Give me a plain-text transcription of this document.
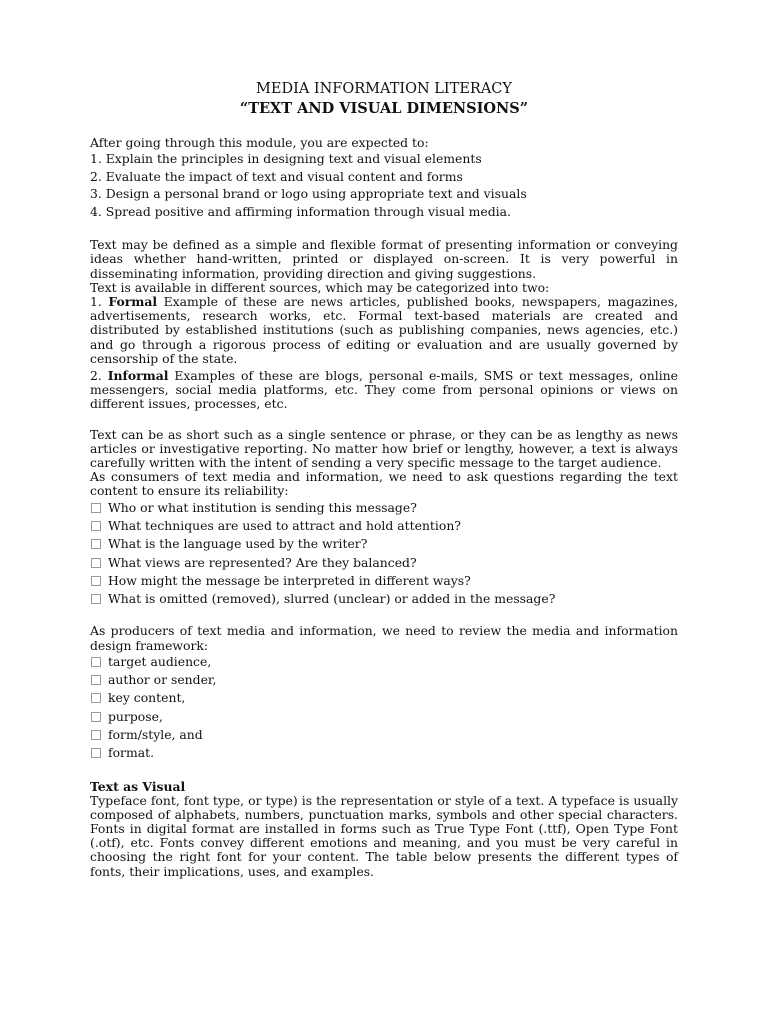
MEDIA INFORMATION LITERACY
“TEXT AND VISUAL DIMENSIONS”
After going through this module, you are expected to:
1. Explain the principles in designing text and visual elements
2. Evaluate the impact of text and visual content and forms
3. Design a personal brand or logo using appropriate text and visuals
4. Spread positive and affirming information through visual media.

Text may be defined as a simple and flexible format of presenting information or conveying ideas whether hand-written, printed or displayed on-screen. It is very powerful in disseminating information, providing direction and giving suggestions.

Text is available in different sources, which may be categorized into two:

1. Formal Example of these are news articles, published books, newspapers, magazines, advertisements, research works, etc. Formal text-based materials are created and distributed by established institutions (such as publishing companies, news agencies, etc.) and go through a rigorous process of editing or evaluation and are usually governed by censorship of the state.

2. Informal Examples of these are blogs, personal e-mails, SMS or text messages, online messengers, social media platforms, etc. They come from personal opinions or views on different issues, processes, etc.

Text can be as short such as a single sentence or phrase, or they can be as lengthy as news articles or investigative reporting. No matter how brief or lengthy, however, a text is always carefully written with the intent of sending a very specific message to the target audience.

As consumers of text media and information, we need to ask questions regarding the text content to ensure its reliability:

Who or what institution is sending this message?
What techniques are used to attract and hold attention?
What is the language used by the writer?
What views are represented? Are they balanced?
How might the message be interpreted in different ways?
What is omitted (removed), slurred (unclear) or added in the message?

As producers of text media and information, we need to review the media and information design framework:

target audience,
author or sender,
key content,
purpose,
form/style, and
format.
Text as Visual

Typeface font, font type, or type) is the representation or style of a text. A typeface is usually composed of alphabets, numbers, punctuation marks, symbols and other special characters. Fonts in digital format are installed in forms such as True Type Font (.ttf), Open Type Font (.otf), etc. Fonts convey different emotions and meaning, and you must be very careful in choosing the right font for your content. The table below presents the different types of fonts, their implications, uses, and examples.
